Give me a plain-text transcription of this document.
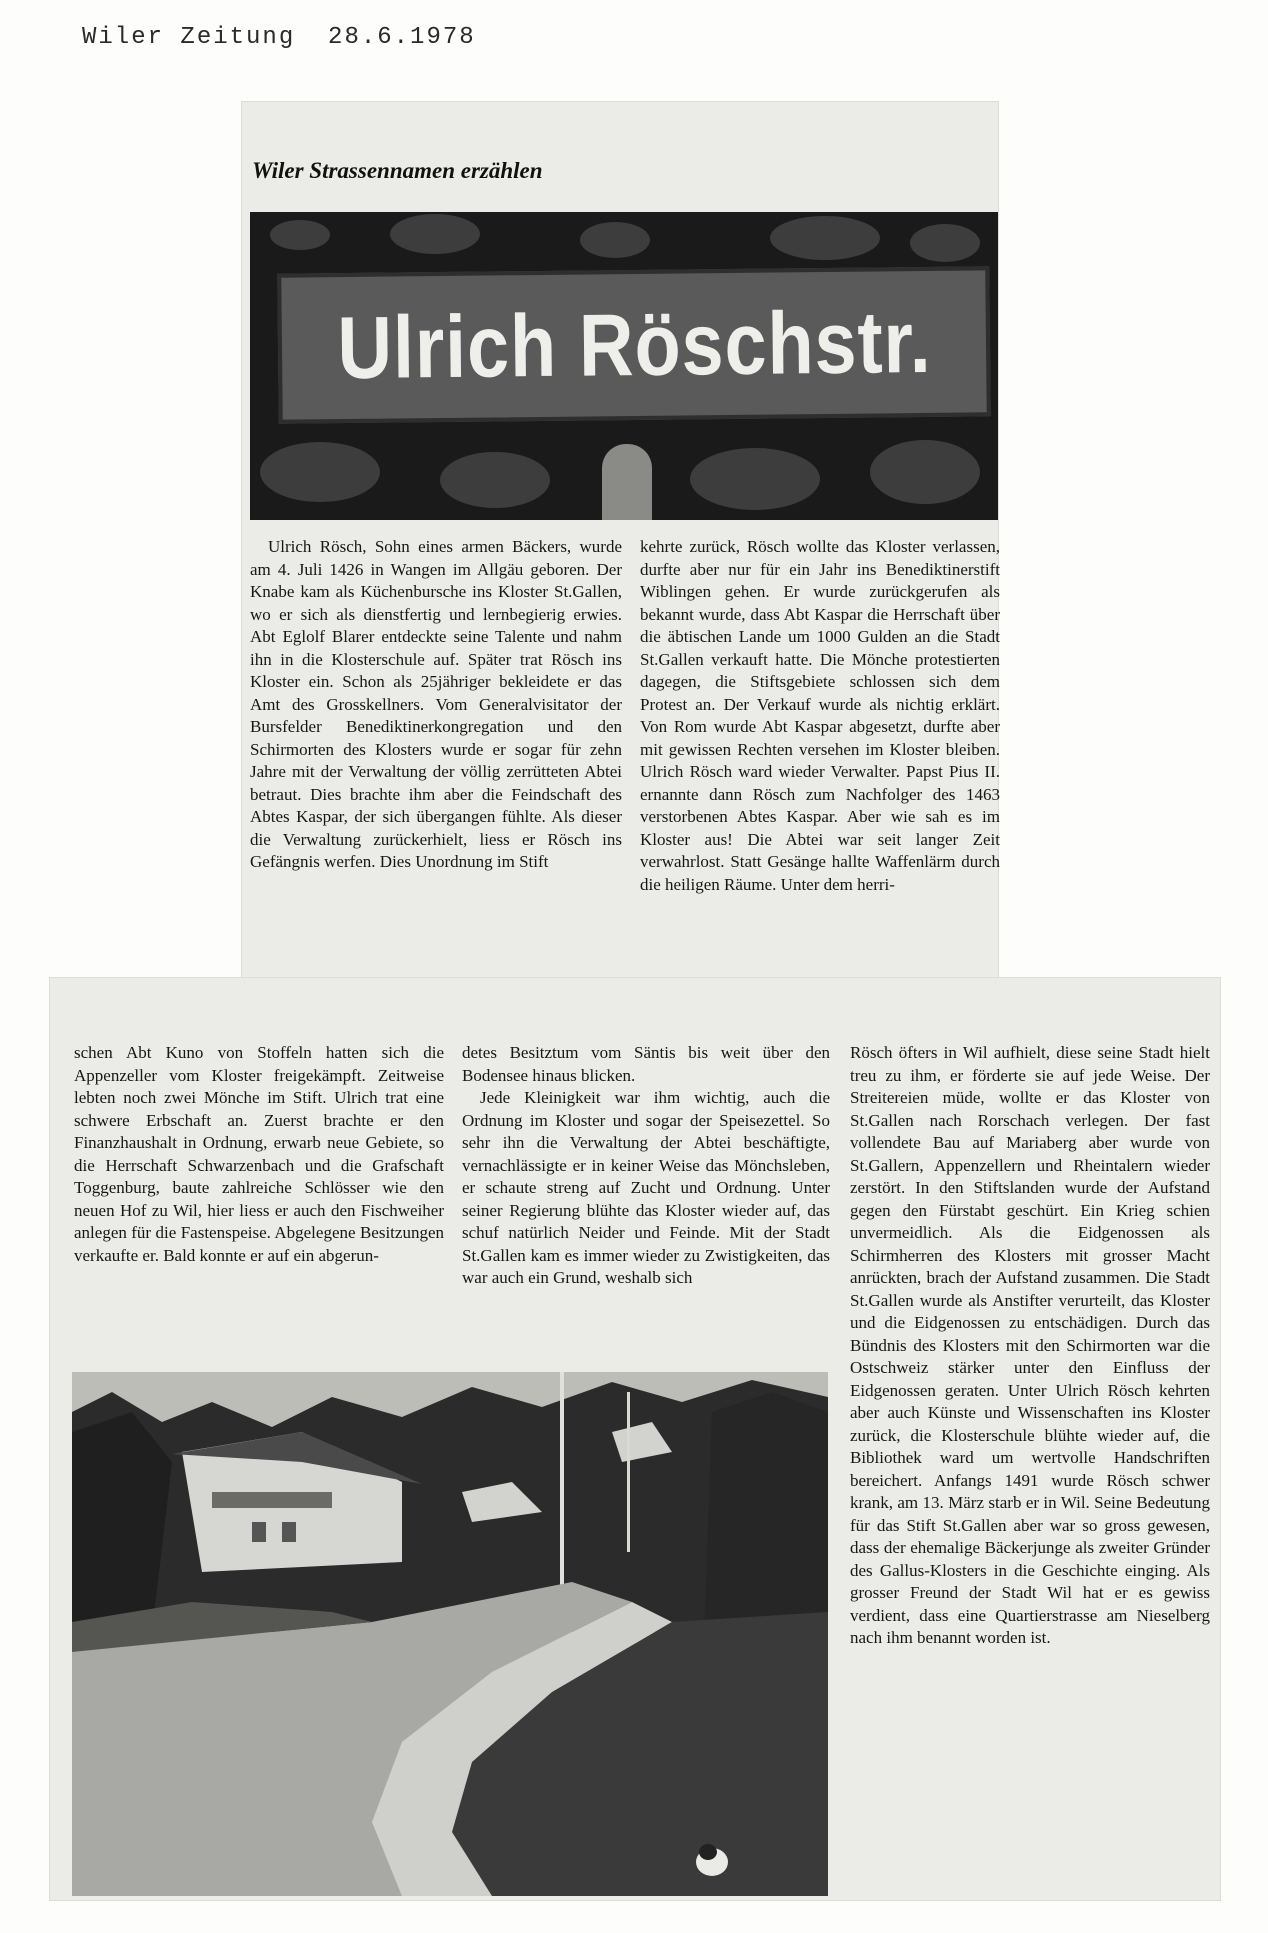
Wiler Zeitung 28.6.1978
Wiler Strassennamen erzählen
Ulrich Röschstr.

Ulrich Rösch, Sohn eines armen Bäckers, wurde am 4. Juli 1426 in Wangen im Allgäu geboren. Der Knabe kam als Küchenbursche ins Kloster St.Gallen, wo er sich als dienstfertig und lernbegierig erwies. Abt Eglolf Blarer entdeckte seine Talente und nahm ihn in die Klosterschule auf. Später trat Rösch ins Kloster ein. Schon als 25jähriger bekleidete er das Amt des Grosskellners. Vom Generalvisitator der Bursfelder Benediktinerkongregation und den Schirmorten des Klosters wurde er sogar für zehn Jahre mit der Verwaltung der völlig zerrütteten Abtei betraut. Dies brachte ihm aber die Feindschaft des Abtes Kaspar, der sich übergangen fühlte. Als dieser die Verwaltung zurückerhielt, liess er Rösch ins Gefängnis werfen. Dies Unordnung im Stift

kehrte zurück, Rösch wollte das Kloster verlassen, durfte aber nur für ein Jahr ins Benediktinerstift Wiblingen gehen. Er wurde zurückgerufen als bekannt wurde, dass Abt Kaspar die Herrschaft über die äbtischen Lande um 1000 Gulden an die Stadt St.Gallen verkauft hatte. Die Mönche protestierten dagegen, die Stiftsgebiete schlossen sich dem Protest an. Der Verkauf wurde als nichtig erklärt. Von Rom wurde Abt Kaspar abgesetzt, durfte aber mit gewissen Rechten versehen im Kloster bleiben. Ulrich Rösch ward wieder Verwalter. Papst Pius II. ernannte dann Rösch zum Nachfolger des 1463 verstorbenen Abtes Kaspar. Aber wie sah es im Kloster aus! Die Abtei war seit langer Zeit verwahrlost. Statt Gesänge hallte Waffenlärm durch die heiligen Räume. Unter dem herri-

schen Abt Kuno von Stoffeln hatten sich die Appenzeller vom Kloster freigekämpft. Zeitweise lebten noch zwei Mönche im Stift. Ulrich trat eine schwere Erbschaft an. Zuerst brachte er den Finanzhaushalt in Ordnung, erwarb neue Gebiete, so die Herrschaft Schwarzenbach und die Grafschaft Toggenburg, baute zahlreiche Schlösser wie den neuen Hof zu Wil, hier liess er auch den Fischweiher anlegen für die Fastenspeise. Abgelegene Besitzungen verkaufte er. Bald konnte er auf ein abgerun-

detes Besitztum vom Säntis bis weit über den Bodensee hinaus blicken.

Jede Kleinigkeit war ihm wichtig, auch die Ordnung im Kloster und sogar der Speisezettel. So sehr ihn die Verwaltung der Abtei beschäftigte, vernachlässigte er in keiner Weise das Mönchsleben, er schaute streng auf Zucht und Ordnung. Unter seiner Regierung blühte das Kloster wieder auf, das schuf natürlich Neider und Feinde. Mit der Stadt St.Gallen kam es immer wieder zu Zwistigkeiten, das war auch ein Grund, weshalb sich

Rösch öfters in Wil aufhielt, diese seine Stadt hielt treu zu ihm, er förderte sie auf jede Weise. Der Streitereien müde, wollte er das Kloster von St.Gallen nach Rorschach verlegen. Der fast vollendete Bau auf Mariaberg aber wurde von St.Gallern, Appenzellern und Rheintalern wieder zerstört. In den Stiftslanden wurde der Aufstand gegen den Fürstabt geschürt. Ein Krieg schien unvermeidlich. Als die Eidgenossen als Schirmherren des Klosters mit grosser Macht anrückten, brach der Aufstand zusammen. Die Stadt St.Gallen wurde als Anstifter verurteilt, das Kloster und die Eidgenossen zu entschädigen. Durch das Bündnis des Klosters mit den Schirmorten war die Ostschweiz stärker unter den Einfluss der Eidgenossen geraten. Unter Ulrich Rösch kehrten aber auch Künste und Wissenschaften ins Kloster zurück, die Klosterschule blühte wieder auf, die Bibliothek ward um wertvolle Handschriften bereichert. Anfangs 1491 wurde Rösch schwer krank, am 13. März starb er in Wil. Seine Bedeutung für das Stift St.Gallen aber war so gross gewesen, dass der ehemalige Bäckerjunge als zweiter Gründer des Gallus-Klosters in die Geschichte einging. Als grosser Freund der Stadt Wil hat er es gewiss verdient, dass eine Quartierstrasse am Nieselberg nach ihm benannt worden ist.
